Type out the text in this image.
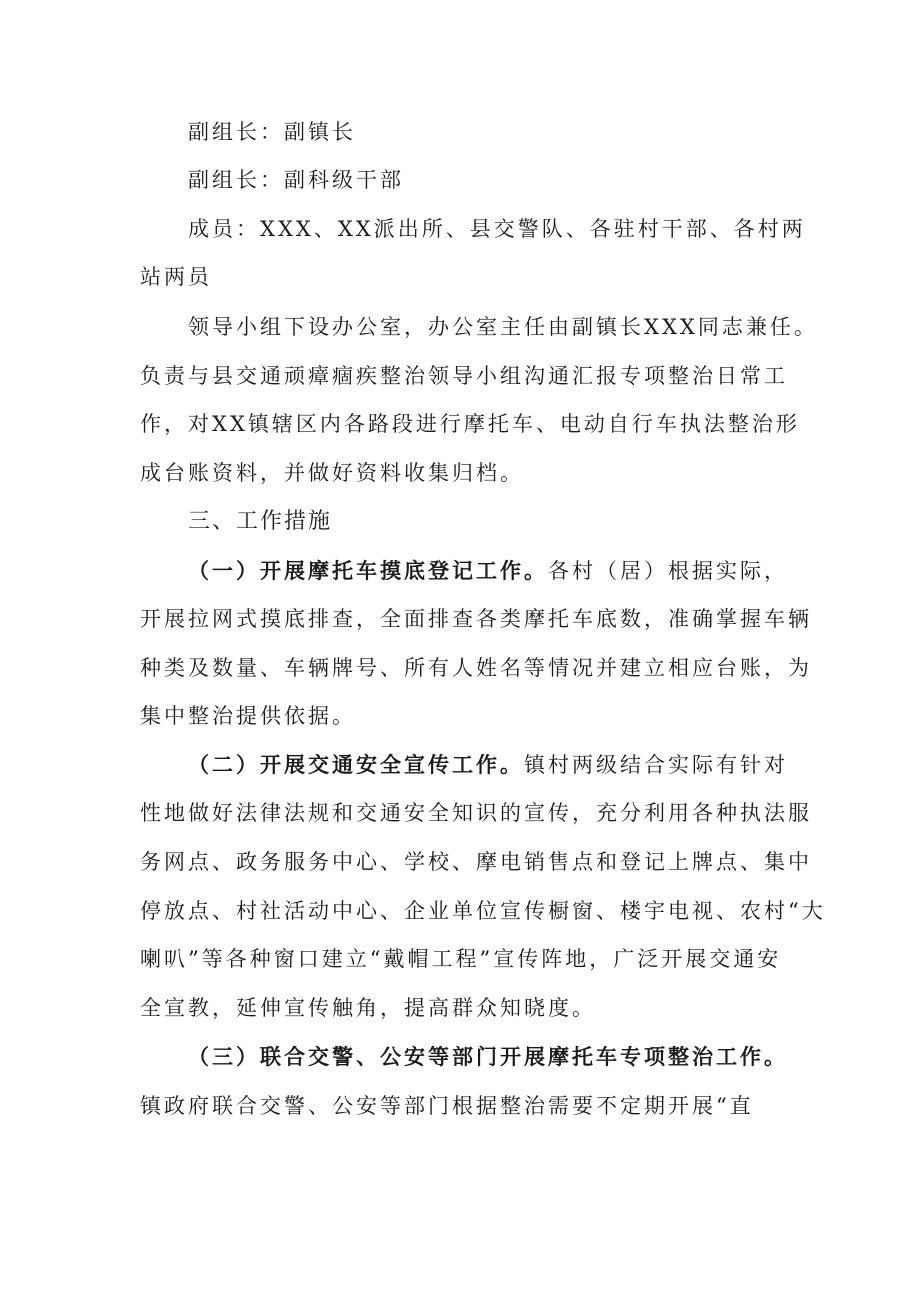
副组长：副镇长
副组长：副科级干部
成员：XXX、XX派出所、县交警队、各驻村干部、各村两
站两员
领导小组下设办公室，办公室主任由副镇长XXX同志兼任。
负责与县交通顽瘴痼疾整治领导小组沟通汇报专项整治日常工
作，对XX镇辖区内各路段进行摩托车、电动自行车执法整治形
成台账资料，并做好资料收集归档。
三、工作措施
（一）开展摩托车摸底登记工作。各村（居）根据实际，
开展拉网式摸底排查，全面排查各类摩托车底数，准确掌握车辆
种类及数量、车辆牌号、所有人姓名等情况并建立相应台账，为
集中整治提供依据。
（二）开展交通安全宣传工作。镇村两级结合实际有针对
性地做好法律法规和交通安全知识的宣传，充分利用各种执法服
务网点、政务服务中心、学校、摩电销售点和登记上牌点、集中
停放点、村社活动中心、企业单位宣传橱窗、楼宇电视、农村“大
喇叭”等各种窗口建立“戴帽工程”宣传阵地，广泛开展交通安
全宣教，延伸宣传触角，提高群众知晓度。
（三）联合交警、公安等部门开展摩托车专项整治工作。
镇政府联合交警、公安等部门根据整治需要不定期开展“直
